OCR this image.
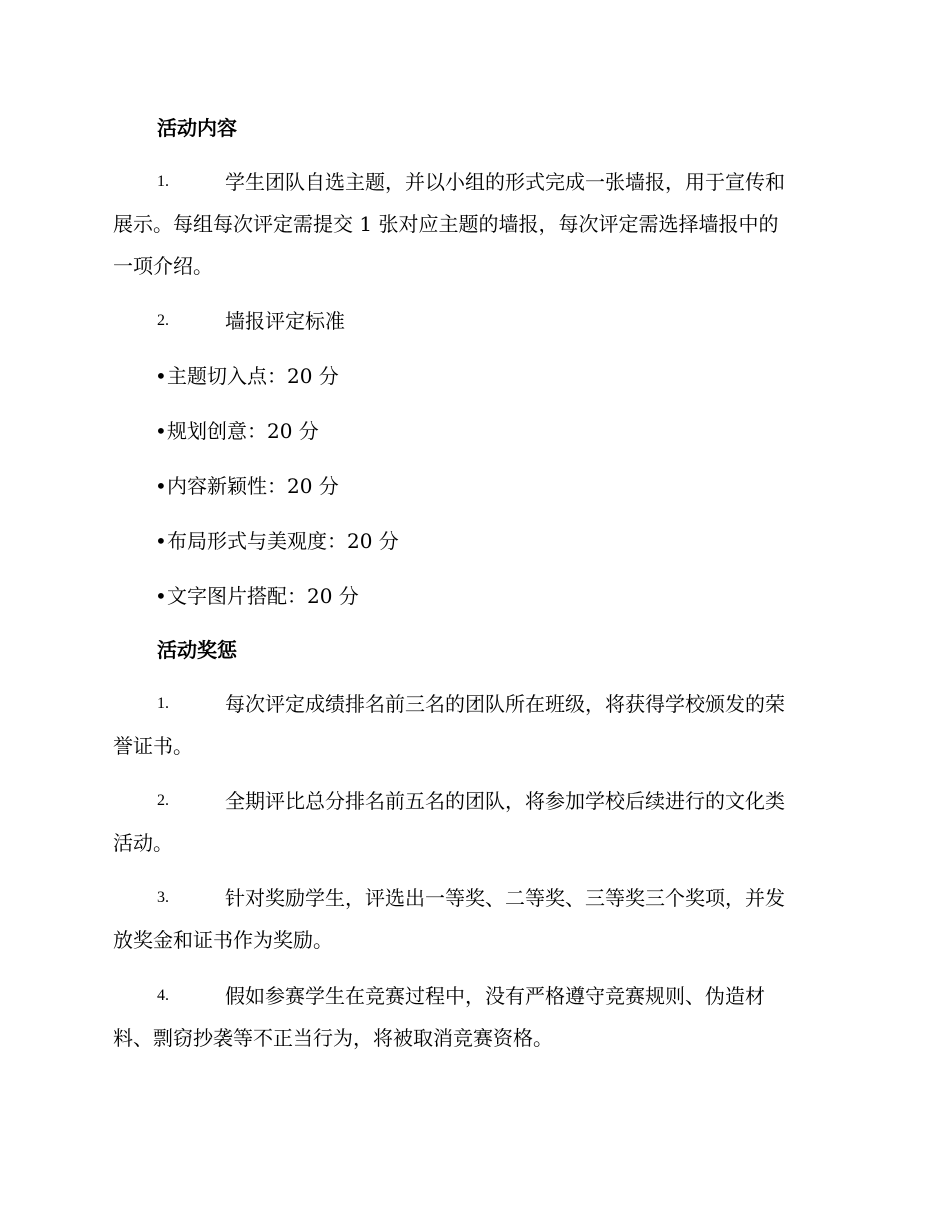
活动内容
1.	学生团队自选主题，并以小组的形式完成一张墙报，用于宣传和
展示。每组每次评定需提交 1 张对应主题的墙报，每次评定需选择墙报中的
一项介绍。
2.	墙报评定标准
•主题切入点：20 分
•规划创意：20 分
•内容新颖性：20 分
•布局形式与美观度：20 分
•文字图片搭配：20 分
活动奖惩
1.	每次评定成绩排名前三名的团队所在班级，将获得学校颁发的荣
誉证书。
2.	全期评比总分排名前五名的团队，将参加学校后续进行的文化类
活动。
3.	针对奖励学生，评选出一等奖、二等奖、三等奖三个奖项，并发
放奖金和证书作为奖励。
4.	假如参赛学生在竞赛过程中，没有严格遵守竞赛规则、伪造材
料、剽窃抄袭等不正当行为，将被取消竞赛资格。
